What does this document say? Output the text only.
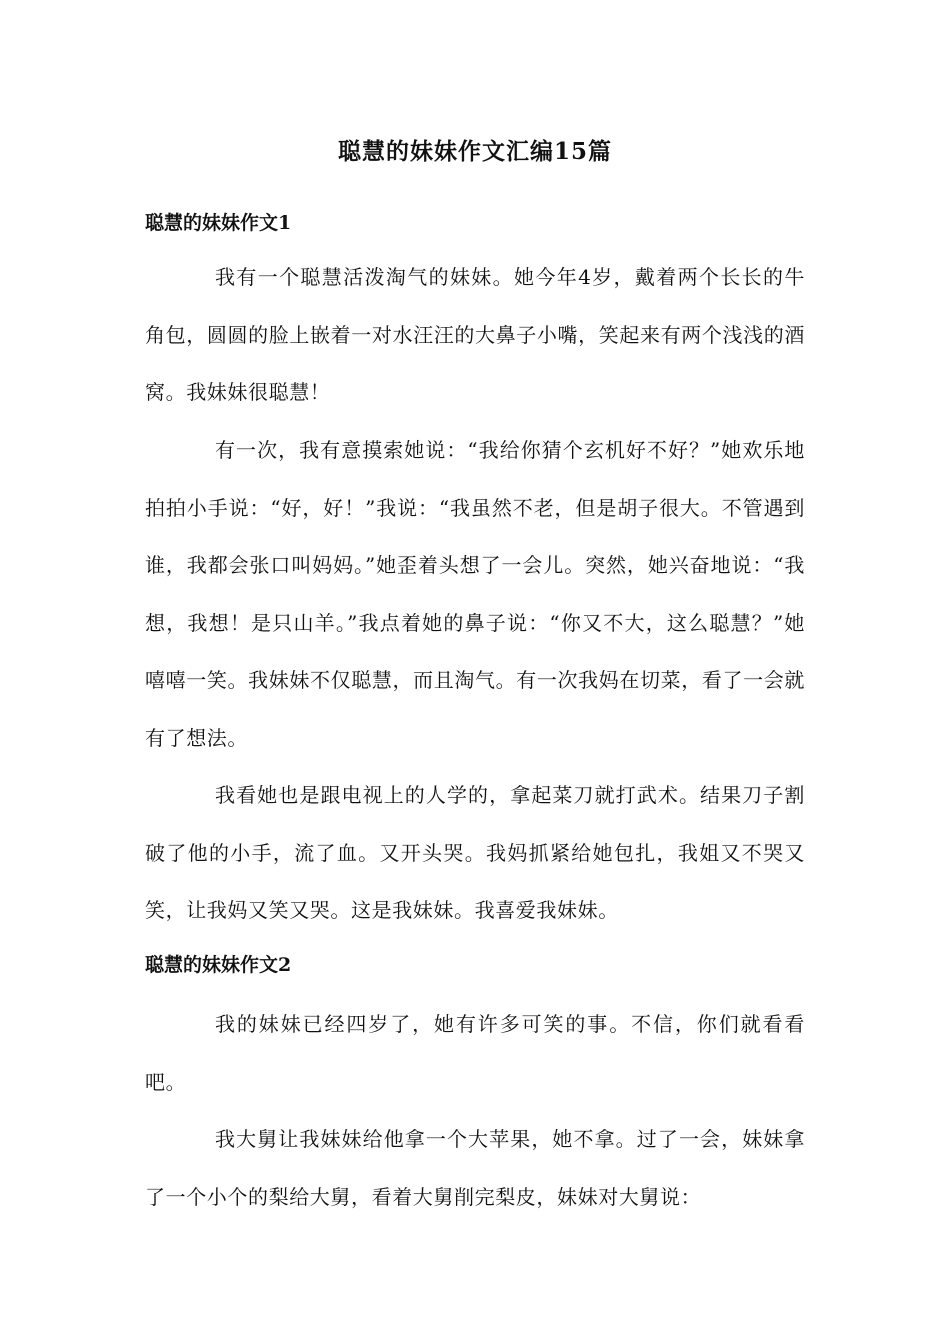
聪慧的妹妹作文汇编15篇
聪慧的妹妹作文1

我有一个聪慧活泼淘气的妹妹。她今年4岁，戴着两个长长的牛角包，圆圆的脸上嵌着一对水汪汪的大鼻子小嘴，笑起来有两个浅浅的酒窝。我妹妹很聪慧！

有一次，我有意摸索她说：“我给你猜个玄机好不好？”她欢乐地拍拍小手说：“好，好！”我说：“我虽然不老，但是胡子很大。不管遇到谁，我都会张口叫妈妈。”她歪着头想了一会儿。突然，她兴奋地说：“我想，我想！是只山羊。”我点着她的鼻子说：“你又不大，这么聪慧？”她嘻嘻一笑。我妹妹不仅聪慧，而且淘气。有一次我妈在切菜，看了一会就有了想法。

我看她也是跟电视上的人学的，拿起菜刀就打武术。结果刀子割破了他的小手，流了血。又开头哭。我妈抓紧给她包扎，我姐又不哭又笑，让我妈又笑又哭。这是我妹妹。我喜爱我妹妹。

聪慧的妹妹作文2

我的妹妹已经四岁了，她有许多可笑的事。不信，你们就看看吧。

我大舅让我妹妹给他拿一个大苹果，她不拿。过了一会，妹妹拿了一个小个的梨给大舅，看着大舅削完梨皮，妹妹对大舅说：
